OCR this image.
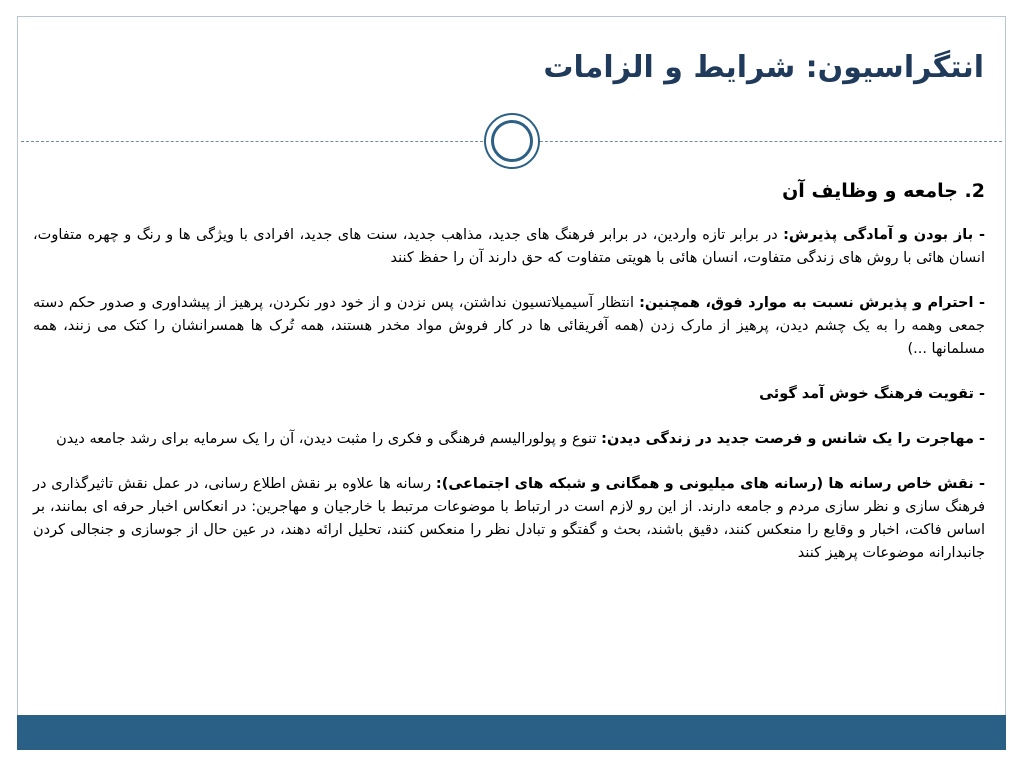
انتگراسیون: شرایط و الزامات
2. جامعه و وظایف آن
- باز بودن و آمادگی پذیرش: در برابر تازه واردین، در برابر فرهنگ های جدید، مذاهب جدید، سنت های جدید، افرادی با ویژگی ها و رنگ و چهره متفاوت، انسان هائی با روش های زندگی متفاوت، انسان هائی با هویتی متفاوت که حق دارند آن را حفظ کنند
- احترام و پذیرش نسبت به موارد فوق، همچنین: انتظار آسیمیلاتسیون نداشتن، پس نزدن و از خود دور نکردن، پرهیز از پیشداوری و صدور حکم دسته جمعی وهمه را به یک چشم دیدن، پرهیز از مارک زدن (همه آفریقائی ها در کار فروش مواد مخدر هستند، همه تُرک ها همسرانشان را کتک می زنند، همه مسلمانها ...)
- تقویت فرهنگ خوش آمد گوئی
- مهاجرت را یک شانس و فرصت جدید در زندگی دیدن: تنوع و پولورالیسم فرهنگی و فکری را مثبت دیدن، آن را یک سرمایه برای رشد جامعه دیدن
- نقش خاص رسانه ها (رسانه های میلیونی و همگانی و شبکه های اجتماعی): رسانه ها علاوه بر نقش اطلاع رسانی، در عمل نقش تاثیرگذاری در فرهنگ سازی و نظر سازی مردم و جامعه دارند. از این رو لازم است در ارتباط با موضوعات مرتبط با خارجیان و مهاجرین: در انعکاس اخبار حرفه ای بمانند، بر اساس فاکت، اخبار و وقایع را منعکس کنند، دقیق باشند، بحث و گفتگو و تبادل نظر را منعکس کنند، تحلیل ارائه دهند، در عین حال از جوسازی و جنجالی کردن جانبدارانه موضوعات پرهیز کنند
